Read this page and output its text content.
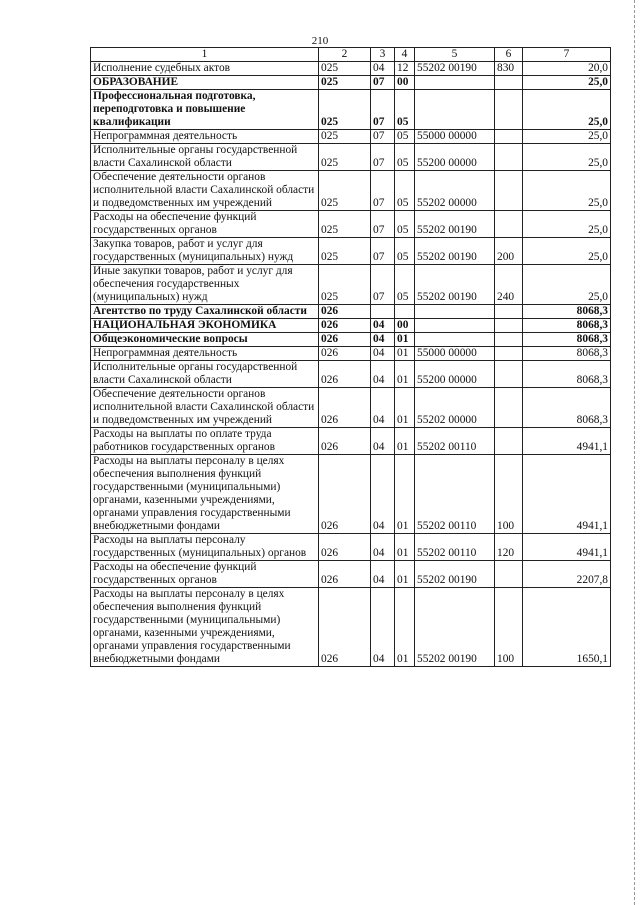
210
1	2	3	4	5	6	7
Исполнение судебных актов	025	04	12	55202 00190	830	20,0
ОБРАЗОВАНИЕ	025	07	00			25,0
Профессиональная подготовка, переподготовка и повышение квалификации	025	07	05			25,0
Непрограммная деятельность	025	07	05	55000 00000		25,0
Исполнительные органы государственной власти Сахалинской области	025	07	05	55200 00000		25,0
Обеспечение деятельности органов исполнительной власти Сахалинской области и подведомственных им учреждений	025	07	05	55202 00000		25,0
Расходы на обеспечение функций государственных органов	025	07	05	55202 00190		25,0
Закупка товаров, работ и услуг для государственных (муниципальных) нужд	025	07	05	55202 00190	200	25,0
Иные закупки товаров, работ и услуг для обеспечения государственных (муниципальных) нужд	025	07	05	55202 00190	240	25,0
Агентство по труду Сахалинской области	026					8068,3
НАЦИОНАЛЬНАЯ ЭКОНОМИКА	026	04	00			8068,3
Общеэкономические вопросы	026	04	01			8068,3
Непрограммная деятельность	026	04	01	55000 00000		8068,3
Исполнительные органы государственной власти Сахалинской области	026	04	01	55200 00000		8068,3
Обеспечение деятельности органов исполнительной власти Сахалинской области и подведомственных им учреждений	026	04	01	55202 00000		8068,3
Расходы на выплаты по оплате труда работников государственных органов	026	04	01	55202 00110		4941,1
Расходы на выплаты персоналу в целях обеспечения выполнения функций государственными (муниципальными) органами, казенными учреждениями, органами управления государственными внебюджетными фондами	026	04	01	55202 00110	100	4941,1
Расходы на выплаты персоналу государственных (муниципальных) органов	026	04	01	55202 00110	120	4941,1
Расходы на обеспечение функций государственных органов	026	04	01	55202 00190		2207,8
Расходы на выплаты персоналу в целях обеспечения выполнения функций государственными (муниципальными) органами, казенными учреждениями, органами управления государственными внебюджетными фондами	026	04	01	55202 00190	100	1650,1
